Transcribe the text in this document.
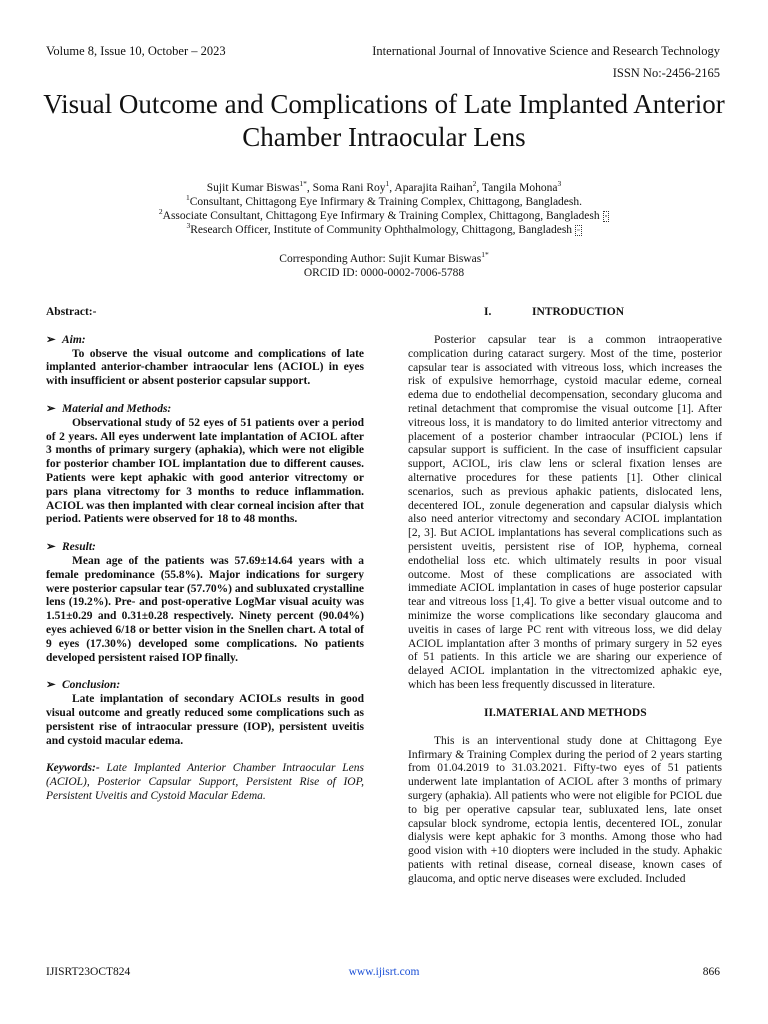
Volume 8, Issue 10, October – 2023	International Journal of Innovative Science and Research Technology
ISSN No:-2456-2165
Visual Outcome and Complications of Late Implanted Anterior Chamber Intraocular Lens
Sujit Kumar Biswas$^{1*}$, Soma Rani Roy$^1$, Aparajita Raihan$^2$, Tangila Mohona$^3$
$^1$Consultant, Chittagong Eye Infirmary & Training Complex, Chittagong, Bangladesh.
$^2$Associate Consultant, Chittagong Eye Infirmary & Training Complex, Chittagong, Bangladesh ▫
$^3$Research Officer, Institute of Community Ophthalmology, Chittagong, Bangladesh ▫
Corresponding Author: Sujit Kumar Biswas$^{1*}$
ORCID ID: 0000-0002-7006-5788

Abstract:-

➢ Aim:

To observe the visual outcome and complications of late implanted anterior-chamber intraocular lens (ACIOL) in eyes with insufficient or absent posterior capsular support.

➢ Material and Methods:

Observational study of 52 eyes of 51 patients over a period of 2 years. All eyes underwent late implantation of ACIOL after 3 months of primary surgery (aphakia), which were not eligible for posterior chamber IOL implantation due to different causes. Patients were kept aphakic with good anterior vitrectomy or pars plana vitrectomy for 3 months to reduce inflammation. ACIOL was then implanted with clear corneal incision after that period. Patients were observed for 18 to 48 months.

➢ Result:

Mean age of the patients was 57.69±14.64 years with a female predominance (55.8%). Major indications for surgery were posterior capsular tear (57.70%) and subluxated crystalline lens (19.2%). Pre- and post-operative LogMar visual acuity was 1.51±0.29 and 0.31±0.28 respectively. Ninety percent (90.04%) eyes achieved 6/18 or better vision in the Snellen chart. A total of 9 eyes (17.30%) developed some complications. No patients developed persistent raised IOP finally.

➢ Conclusion:

Late implantation of secondary ACIOLs results in good visual outcome and greatly reduced some complications such as persistent rise of intraocular pressure (IOP), persistent uveitis and cystoid macular edema.

Keywords:- Late Implanted Anterior Chamber Intraocular Lens (ACIOL), Posterior Capsular Support, Persistent Rise of IOP, Persistent Uveitis and Cystoid Macular Edema.

I.	INTRODUCTION

Posterior capsular tear is a common intraoperative complication during cataract surgery. Most of the time, posterior capsular tear is associated with vitreous loss, which increases the risk of expulsive hemorrhage, cystoid macular edeme, corneal edema due to endothelial decompensation, secondary glucoma and retinal detachment that compromise the visual outcome [1]. After vitreous loss, it is mandatory to do limited anterior vitrectomy and placement of a posterior chamber intraocular (PCIOL) lens if capsular support is sufficient. In the case of insufficient capsular support, ACIOL, iris claw lens or scleral fixation lenses are alternative procedures for these patients [1]. Other clinical scenarios, such as previous aphakic patients, dislocated lens, decentered IOL, zonule degeneration and capsular dialysis which also need anterior vitrectomy and secondary ACIOL implantation [2, 3]. But ACIOL implantations has several complications such as persistent uveitis, persistent rise of IOP, hyphema, corneal endothelial loss etc. which ultimately results in poor visual outcome. Most of these complications are associated with immediate ACIOL implantation in cases of huge posterior capsular tear and vitreous loss [1,4]. To give a better visual outcome and to minimize the worse complications like secondary glaucoma and uveitis in cases of large PC rent with vitreous loss, we did delay ACIOL implantation after 3 months of primary surgery in 52 eyes of 51 patients. In this article we are sharing our experience of delayed ACIOL implantation in the vitrectomized aphakic eye, which has been less frequently discussed in literature.

II. MATERIAL AND METHODS

This is an interventional study done at Chittagong Eye Infirmary & Training Complex during the period of 2 years starting from 01.04.2019 to 31.03.2021. Fifty-two eyes of 51 patients underwent late implantation of ACIOL after 3 months of primary surgery (aphakia). All patients who were not eligible for PCIOL due to big per operative capsular tear, subluxated lens, late onset capsular block syndrome, ectopia lentis, decentered IOL, zonular dialysis were kept aphakic for 3 months. Among those who had good vision with +10 diopters were included in the study. Aphakic patients with retinal disease, corneal disease, known cases of glaucoma, and optic nerve diseases were excluded. Included

IJISRT23OCT824	www.ijisrt.com	866
